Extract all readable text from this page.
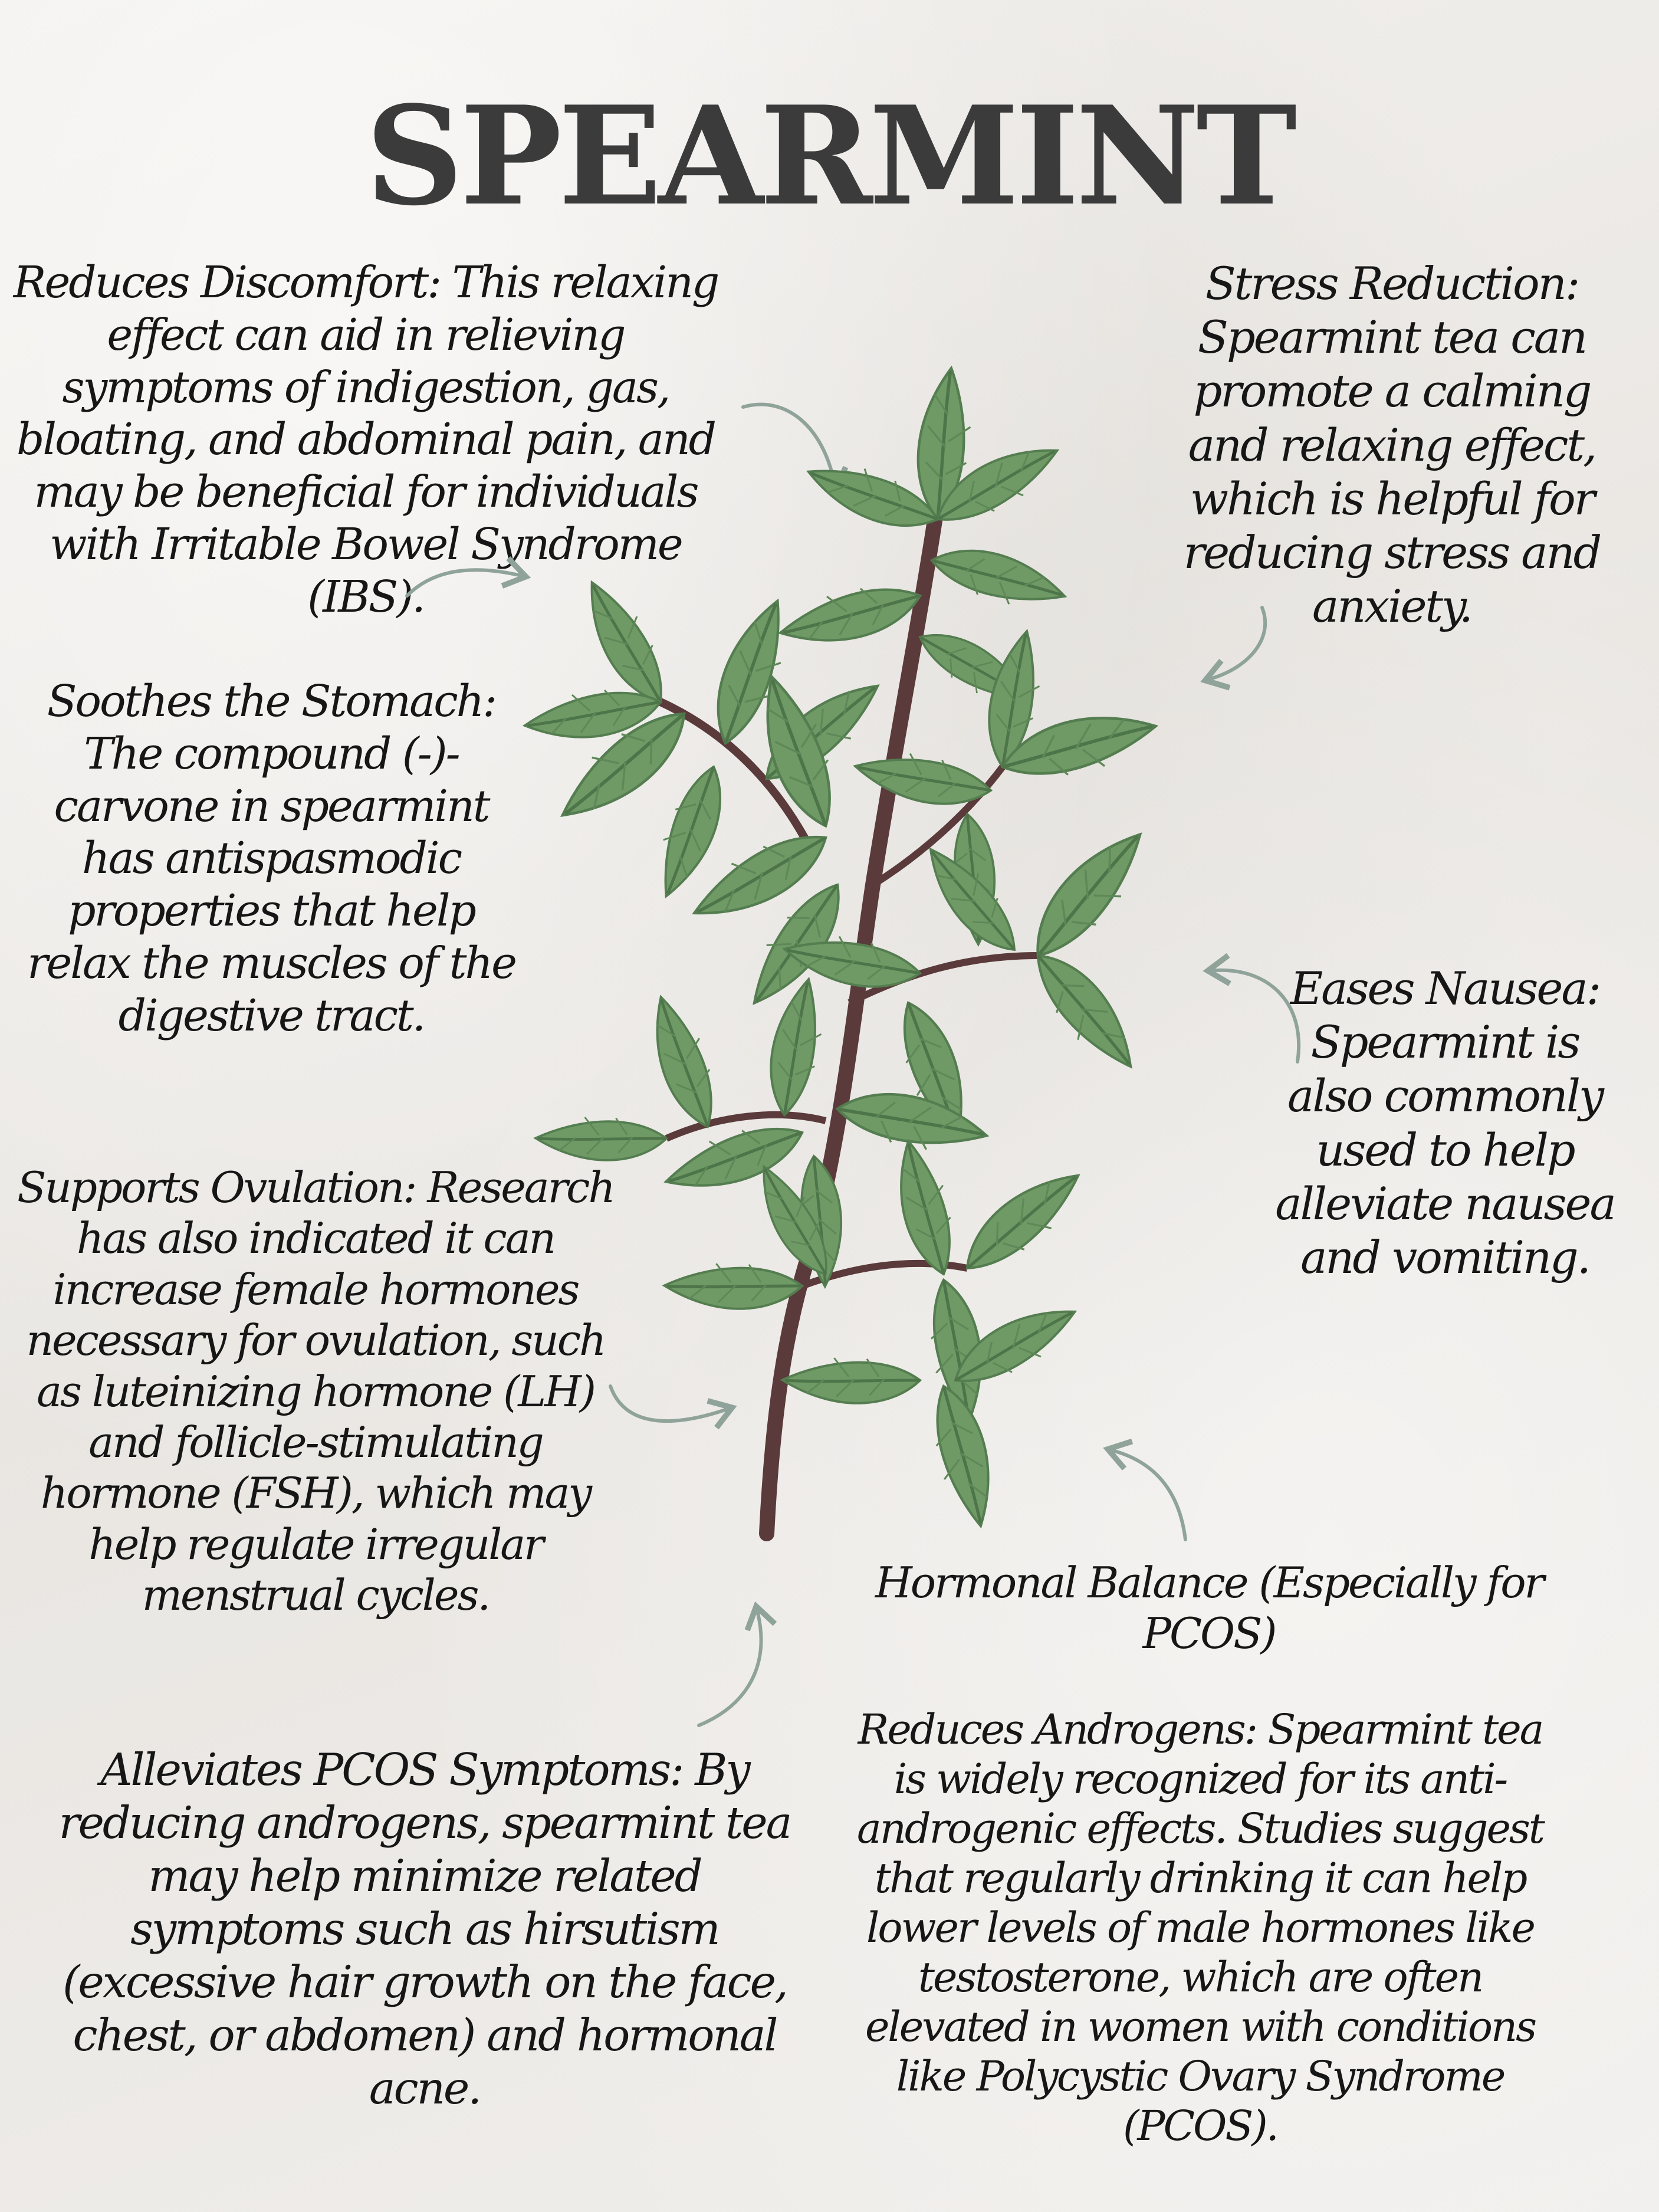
SPEARMINT

Reduces Discomfort: This relaxing effect can aid in relieving symptoms of indigestion, gas, bloating, and abdominal pain, and may be beneficial for individuals with Irritable Bowel Syndrome (IBS).

Soothes the Stomach: The compound (-)-carvone in spearmint has antispasmodic properties that help relax the muscles of the digestive tract.

Supports Ovulation: Research has also indicated it can increase female hormones necessary for ovulation, such as luteinizing hormone (LH) and follicle-stimulating hormone (FSH), which may help regulate irregular menstrual cycles.

Alleviates PCOS Symptoms: By reducing androgens, spearmint tea may help minimize related symptoms such as hirsutism (excessive hair growth on the face, chest, or abdomen) and hormonal acne.

Stress Reduction: Spearmint tea can promote a calming and relaxing effect, which is helpful for reducing stress and anxiety.

Eases Nausea: Spearmint is also commonly used to help alleviate nausea and vomiting.

Hormonal Balance (Especially for PCOS)

Reduces Androgens: Spearmint tea is widely recognized for its anti-androgenic effects. Studies suggest that regularly drinking it can help lower levels of male hormones like testosterone, which are often elevated in women with conditions like Polycystic Ovary Syndrome (PCOS).
